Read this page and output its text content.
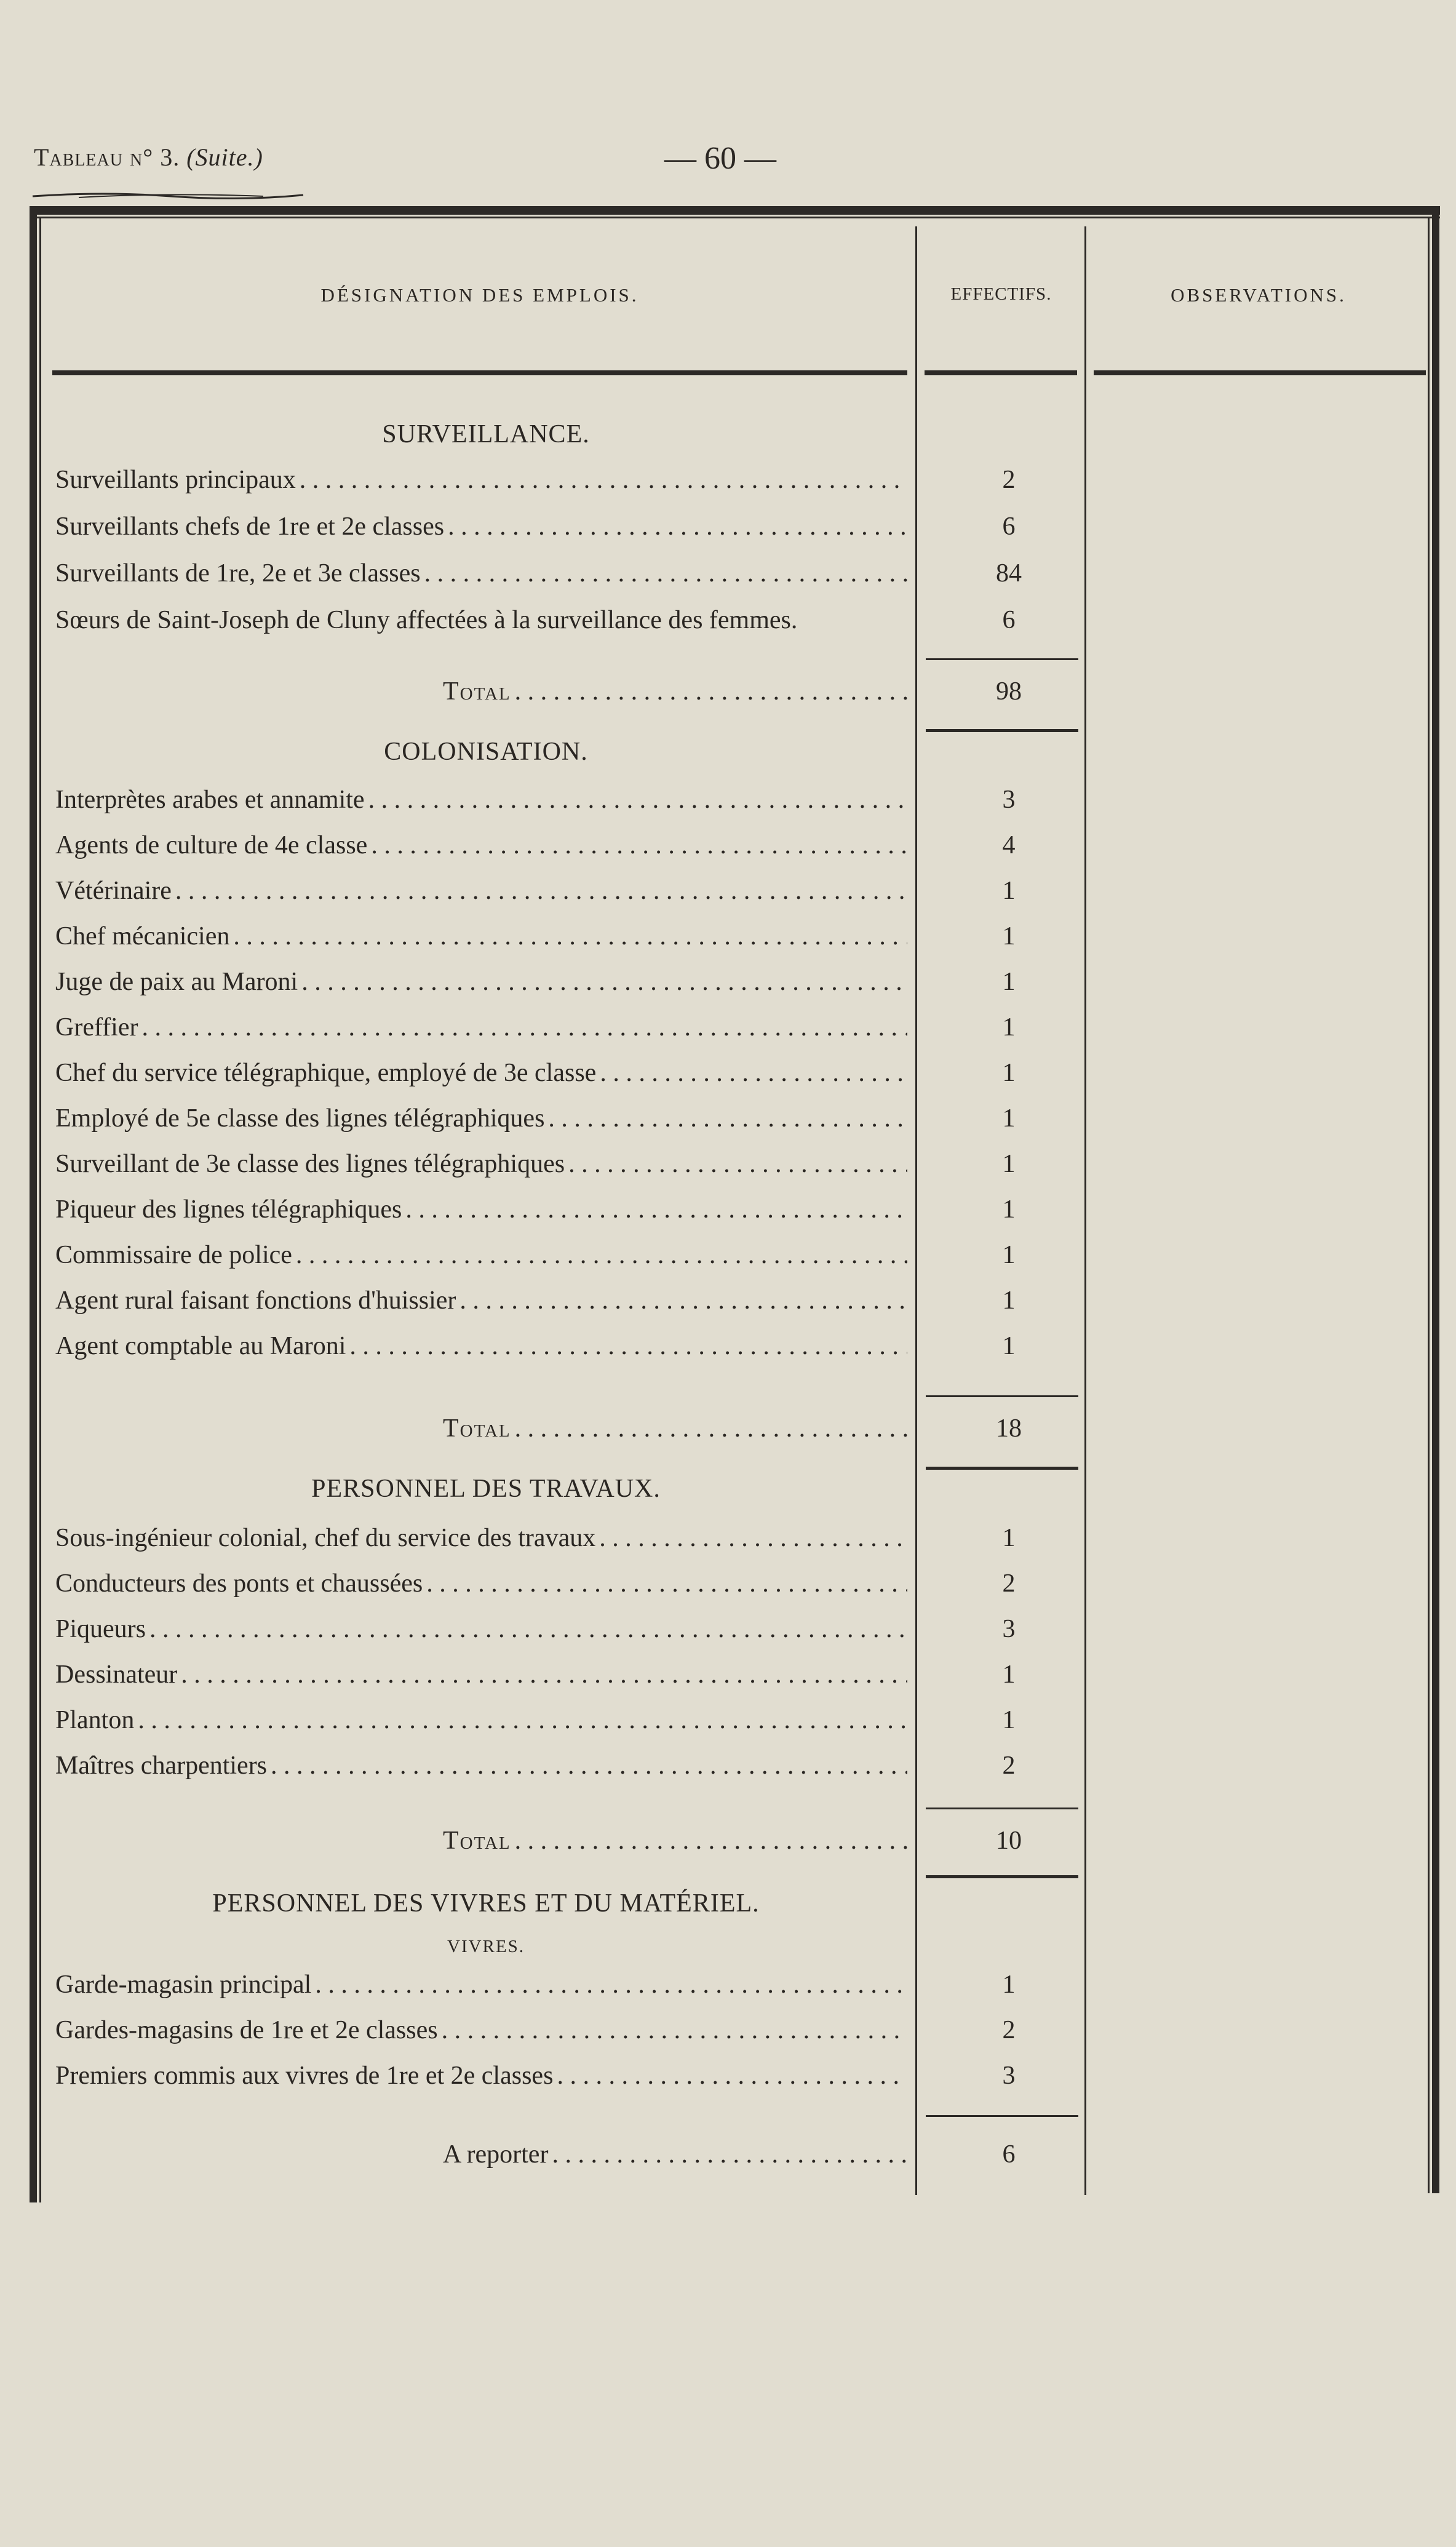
Tableau n° 3. (Suite.)	— 60 —
DÉSIGNATION DES EMPLOIS.	EFFECTIFS.	OBSERVATIONS.
SURVEILLANCE.
Surveillants principaux . . .	2
Surveillants chefs de 1re et 2e classes . . .	6
Surveillants de 1re, 2e et 3e classes . . .	84
Sœurs de Saint-Joseph de Cluny affectées à la surveillance des femmes.	6
Total . . .	98
COLONISATION.
Interprètes arabes et annamite . . .	3
Agents de culture de 4e classe . . .	4
Vétérinaire . . .	1
Chef mécanicien . . .	1
Juge de paix au Maroni . . .	1
Greffier . . .	1
Chef du service télégraphique, employé de 3e classe . . .	1
Employé de 5e classe des lignes télégraphiques . . .	1
Surveillant de 3e classe des lignes télégraphiques . . .	1
Piqueur des lignes télégraphiques . . .	1
Commissaire de police . . .	1
Agent rural faisant fonctions d'huissier . . .	1
Agent comptable au Maroni . . .	1
Total . . .	18
PERSONNEL DES TRAVAUX.
Sous-ingénieur colonial, chef du service des travaux . . .	1
Conducteurs des ponts et chaussées . . .	2
Piqueurs . . .	3
Dessinateur . . .	1
Planton . . .	1
Maîtres charpentiers . . .	2
Total . . .	10
PERSONNEL DES VIVRES ET DU MATÉRIEL.
VIVRES.
Garde-magasin principal . . .	1
Gardes-magasins de 1re et 2e classes . . .	2
Premiers commis aux vivres de 1re et 2e classes . . .	3
A reporter . . .	6
